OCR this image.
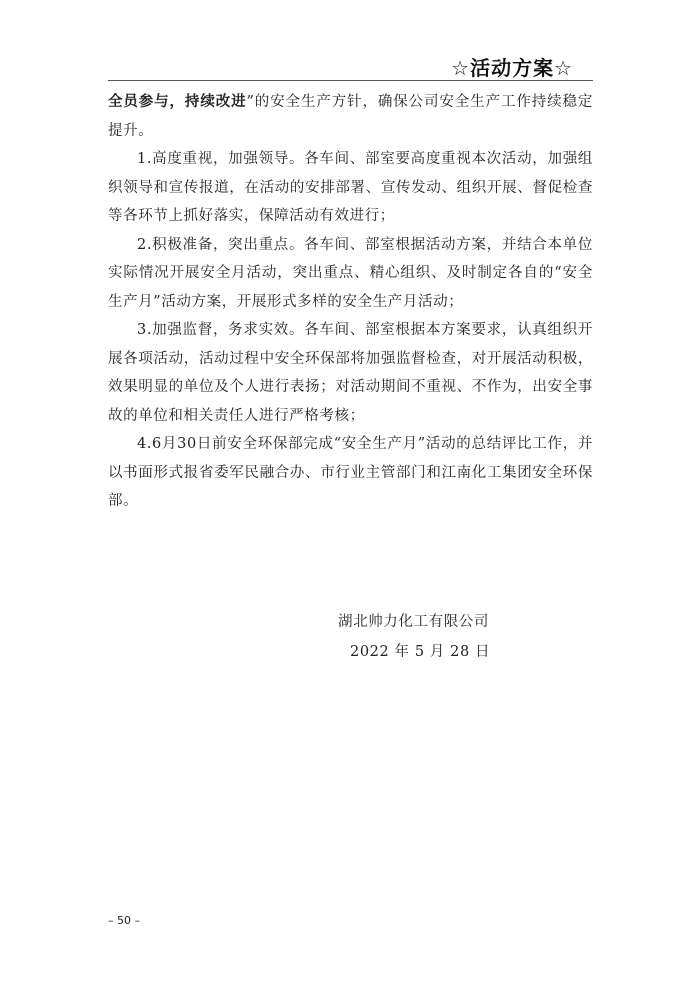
☆活动方案☆

全员参与，持续改进”的安全生产方针，确保公司安全生产工作持续稳定提升。

1.高度重视，加强领导。各车间、部室要高度重视本次活动，加强组织领导和宣传报道，在活动的安排部署、宣传发动、组织开展、督促检查等各环节上抓好落实，保障活动有效进行；

2.积极准备，突出重点。各车间、部室根据活动方案，并结合本单位实际情况开展安全月活动，突出重点、精心组织、及时制定各自的“安全生产月”活动方案，开展形式多样的安全生产月活动；

3.加强监督，务求实效。各车间、部室根据本方案要求，认真组织开展各项活动，活动过程中安全环保部将加强监督检查，对开展活动积极，效果明显的单位及个人进行表扬；对活动期间不重视、不作为，出安全事故的单位和相关责任人进行严格考核；

4.6月30日前安全环保部完成“安全生产月”活动的总结评比工作，并以书面形式报省委军民融合办、市行业主管部门和江南化工集团安全环保部。

湖北帅力化工有限公司
2022 年 5 月 28 日
– 50 –
